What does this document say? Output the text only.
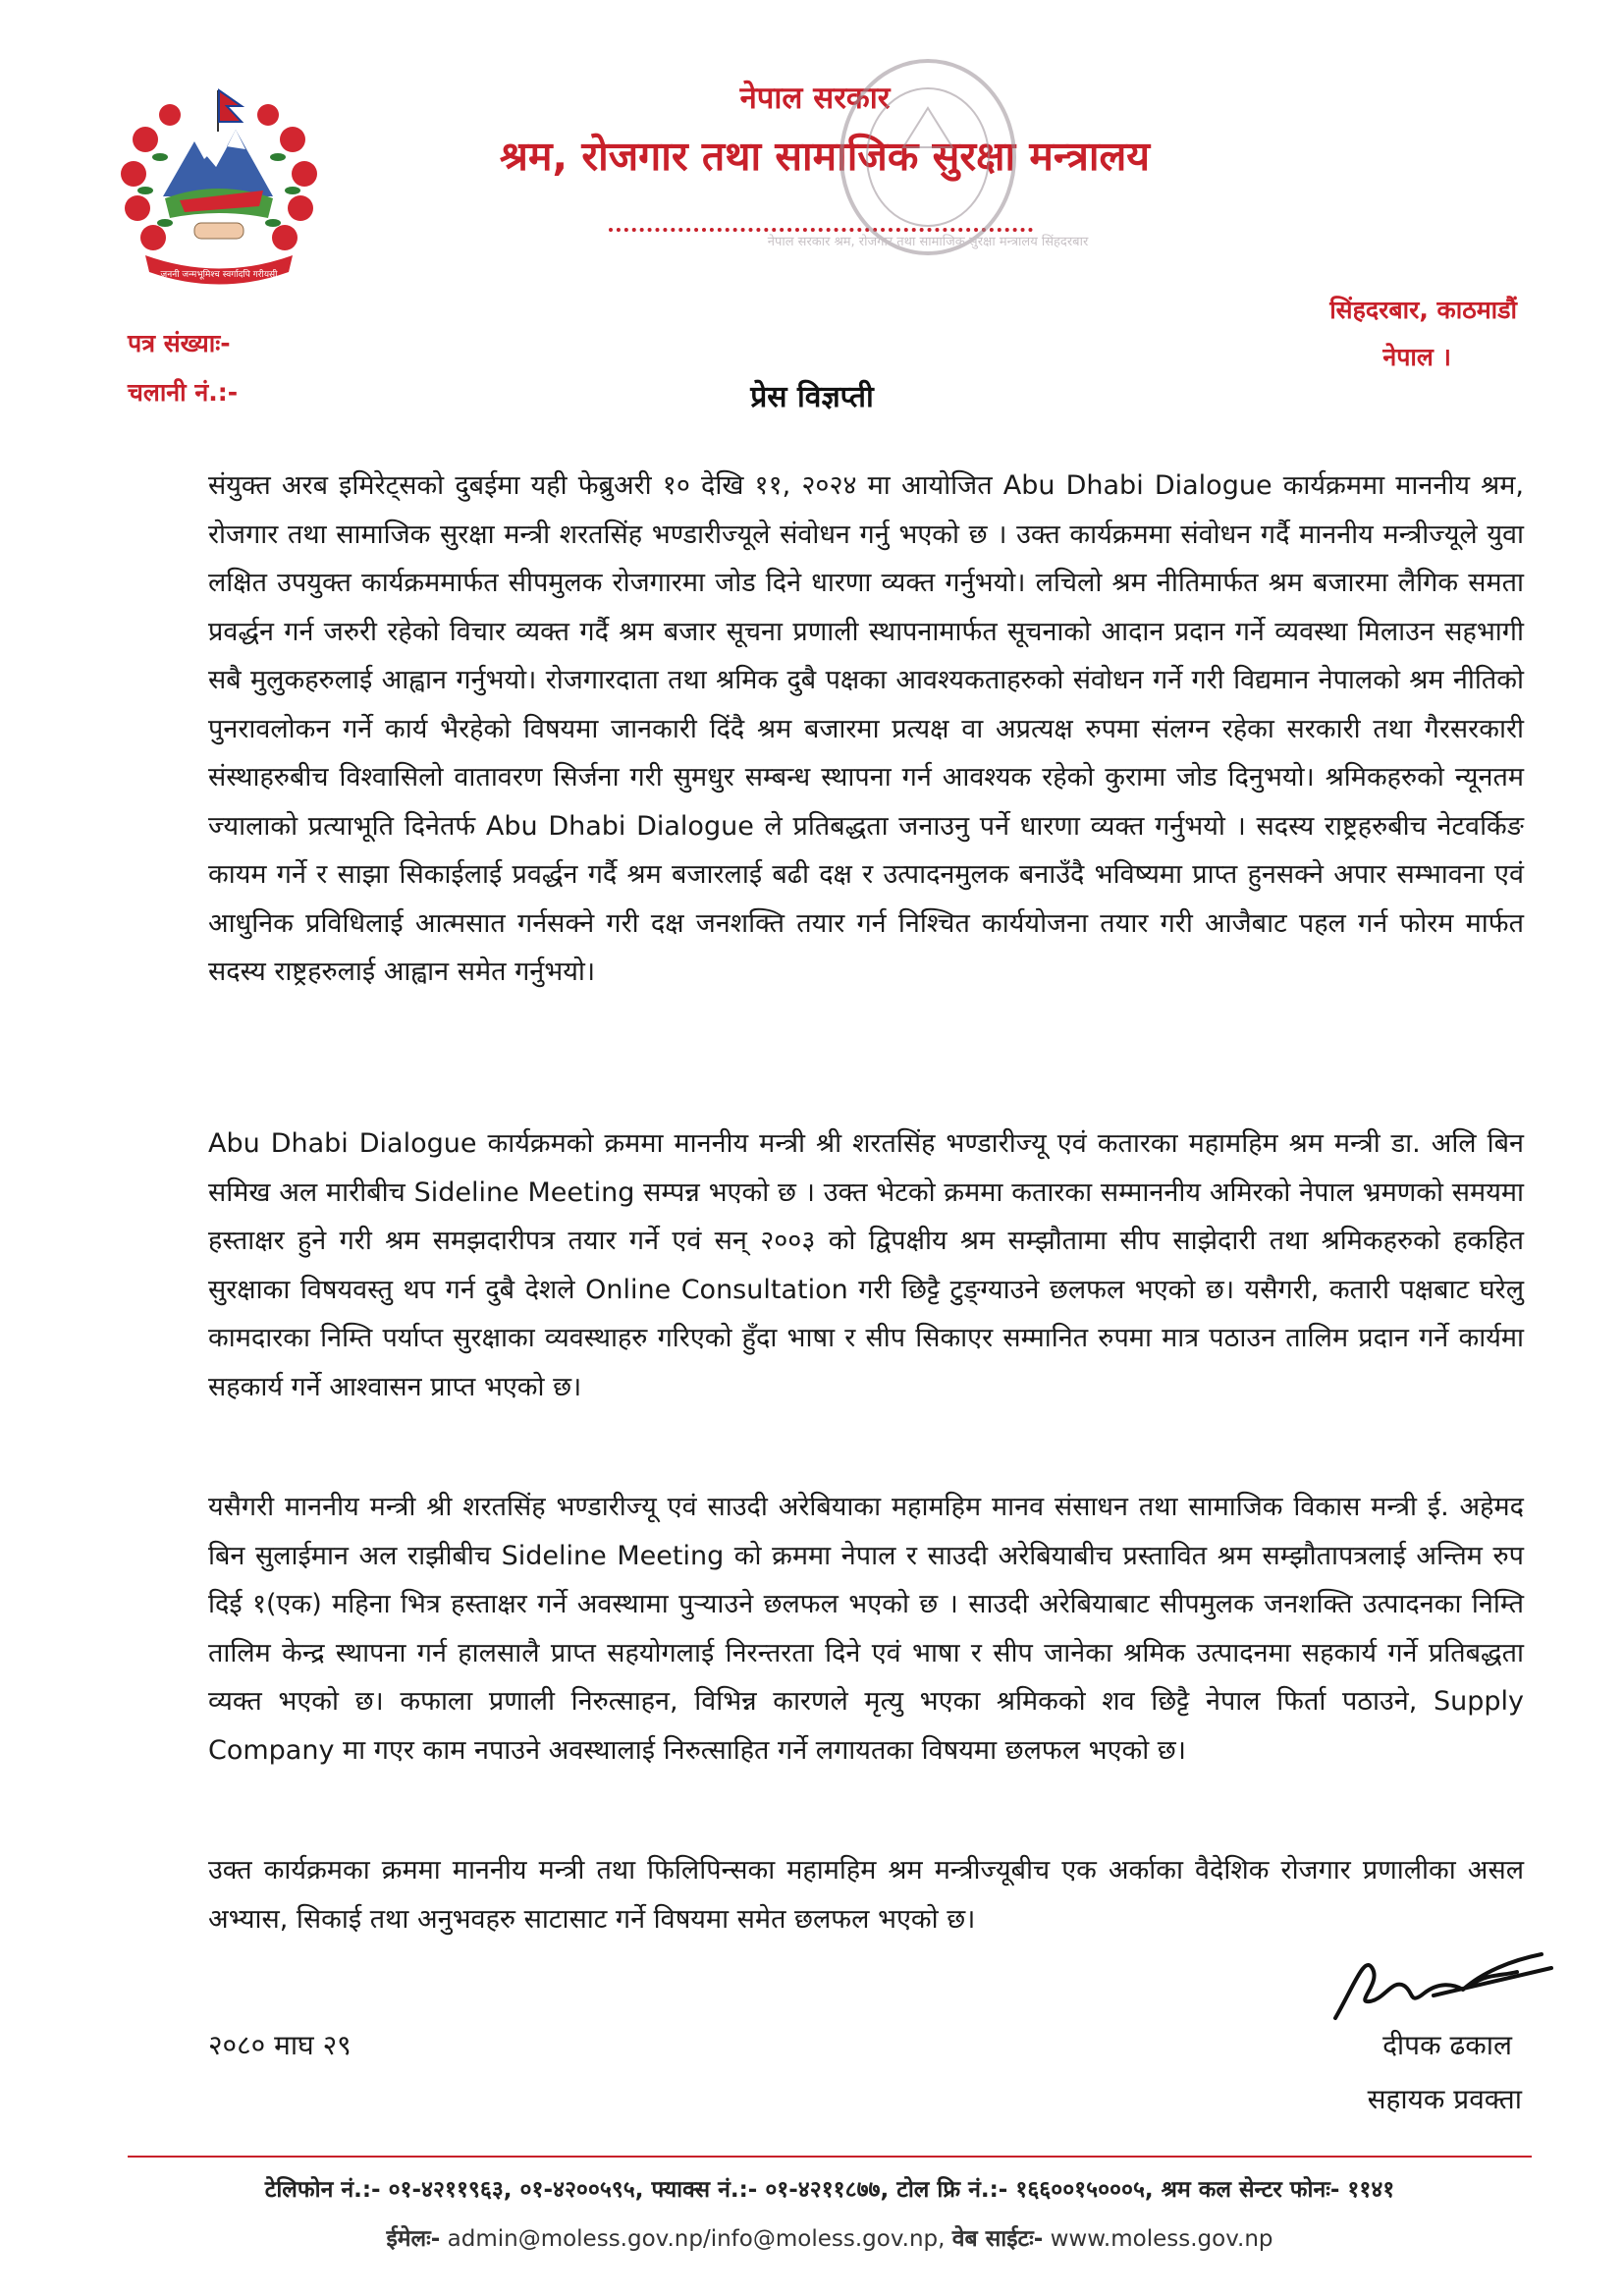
जननी जन्मभूमिश्च स्वर्गादपि गरीयसी
नेपाल सरकार
श्रम, रोजगार तथा सामाजिक सुरक्षा मन्त्रालय
नेपाल सरकार श्रम, रोजगार तथा सामाजिक सुरक्षा मन्त्रालय सिंहदरबार
पत्र संख्याः-
चलानी नं.:-
सिंहदरबार, काठमाडौं
नेपाल ।
प्रेस विज्ञप्ती
संयुक्त अरब इमिरेट्सको दुबईमा यही फेब्रुअरी १० देखि ११, २०२४ मा आयोजित Abu Dhabi Dialogue कार्यक्रममा माननीय श्रम, रोजगार तथा सामाजिक सुरक्षा मन्त्री शरतसिंह भण्डारीज्यूले संवोधन गर्नु भएको छ । उक्त कार्यक्रममा संवोधन गर्दै माननीय मन्त्रीज्यूले युवा लक्षित उपयुक्त कार्यक्रममार्फत सीपमुलक रोजगारमा जोड दिने धारणा व्यक्त गर्नुभयो। लचिलो श्रम नीतिमार्फत श्रम बजारमा लैगिक समता प्रवर्द्धन गर्न जरुरी रहेको विचार व्यक्त गर्दै श्रम बजार सूचना प्रणाली स्थापनामार्फत सूचनाको आदान प्रदान गर्ने व्यवस्था मिलाउन सहभागी सबै मुलुकहरुलाई आह्वान गर्नुभयो। रोजगारदाता तथा श्रमिक दुबै पक्षका आवश्यकताहरुको संवोधन गर्ने गरी विद्यमान नेपालको श्रम नीतिको पुनरावलोकन गर्ने कार्य भैरहेको विषयमा जानकारी दिंदै श्रम बजारमा प्रत्यक्ष वा अप्रत्यक्ष रुपमा संलग्न रहेका सरकारी तथा गैरसरकारी संस्थाहरुबीच विश्वासिलो वातावरण सिर्जना गरी सुमधुर सम्बन्ध स्थापना गर्न आवश्यक रहेको कुरामा जोड दिनुभयो। श्रमिकहरुको न्यूनतम ज्यालाको प्रत्याभूति दिनेतर्फ Abu Dhabi Dialogue ले प्रतिबद्धता जनाउनु पर्ने धारणा व्यक्त गर्नुभयो । सदस्य राष्ट्रहरुबीच नेटवर्किङ कायम गर्ने र साझा सिकाईलाई प्रवर्द्धन गर्दै श्रम बजारलाई बढी दक्ष र उत्पादनमुलक बनाउँदै भविष्यमा प्राप्त हुनसक्ने अपार सम्भावना एवं आधुनिक प्रविधिलाई आत्मसात गर्नसक्ने गरी दक्ष जनशक्ति तयार गर्न निश्चित कार्ययोजना तयार गरी आजैबाट पहल गर्न फोरम मार्फत सदस्य राष्ट्रहरुलाई आह्वान समेत गर्नुभयो।
Abu Dhabi Dialogue कार्यक्रमको क्रममा माननीय मन्त्री श्री शरतसिंह भण्डारीज्यू एवं कतारका महामहिम श्रम मन्त्री डा. अलि बिन समिख अल मारीबीच Sideline Meeting सम्पन्न भएको छ । उक्त भेटको क्रममा कतारका सम्माननीय अमिरको नेपाल भ्रमणको समयमा हस्ताक्षर हुने गरी श्रम समझदारीपत्र तयार गर्ने एवं सन् २००३ को द्विपक्षीय श्रम सम्झौतामा सीप साझेदारी तथा श्रमिकहरुको हकहित सुरक्षाका विषयवस्तु थप गर्न दुबै देशले Online Consultation गरी छिट्टै टुङ्ग्याउने छलफल भएको छ। यसैगरी, कतारी पक्षबाट घरेलु कामदारका निम्ति पर्याप्त सुरक्षाका व्यवस्थाहरु गरिएको हुँदा भाषा र सीप सिकाएर सम्मानित रुपमा मात्र पठाउन तालिम प्रदान गर्ने कार्यमा सहकार्य गर्ने आश्वासन प्राप्त भएको छ।
यसैगरी माननीय मन्त्री श्री शरतसिंह भण्डारीज्यू एवं साउदी अरेबियाका महामहिम मानव संसाधन तथा सामाजिक विकास मन्त्री ई. अहेमद बिन सुलाईमान अल राझीबीच Sideline Meeting को क्रममा नेपाल र साउदी अरेबियाबीच प्रस्तावित श्रम सम्झौतापत्रलाई अन्तिम रुप दिई १(एक) महिना भित्र हस्ताक्षर गर्ने अवस्थामा पुऱ्याउने छलफल भएको छ । साउदी अरेबियाबाट सीपमुलक जनशक्ति उत्पादनका निम्ति तालिम केन्द्र स्थापना गर्न हालसालै प्राप्त सहयोगलाई निरन्तरता दिने एवं भाषा र सीप जानेका श्रमिक उत्पादनमा सहकार्य गर्ने प्रतिबद्धता व्यक्त भएको छ। कफाला प्रणाली निरुत्साहन, विभिन्न कारणले मृत्यु भएका श्रमिकको शव छिट्टै नेपाल फिर्ता पठाउने, Supply Company मा गएर काम नपाउने अवस्थालाई निरुत्साहित गर्ने लगायतका विषयमा छलफल भएको छ।
उक्त कार्यक्रमका क्रममा माननीय मन्त्री तथा फिलिपिन्सका महामहिम श्रम मन्त्रीज्यूबीच एक अर्काका वैदेशिक रोजगार प्रणालीका असल अभ्यास, सिकाई तथा अनुभवहरु साटासाट गर्ने विषयमा समेत छलफल भएको छ।
२०८० माघ २९	दीपक ढकाल
सहायक प्रवक्ता
टेलिफोन नं.:- ०१-४२११९६३, ०१-४२००५९५, फ्याक्स नं.:- ०१-४२११८७७, टोल फ्रि नं.:- १६६००१५०००५, श्रम कल सेन्टर फोनः- ११४१
ईमेलः- admin@moless.gov.np/info@moless.gov.np, वेब साईटः- www.moless.gov.np
